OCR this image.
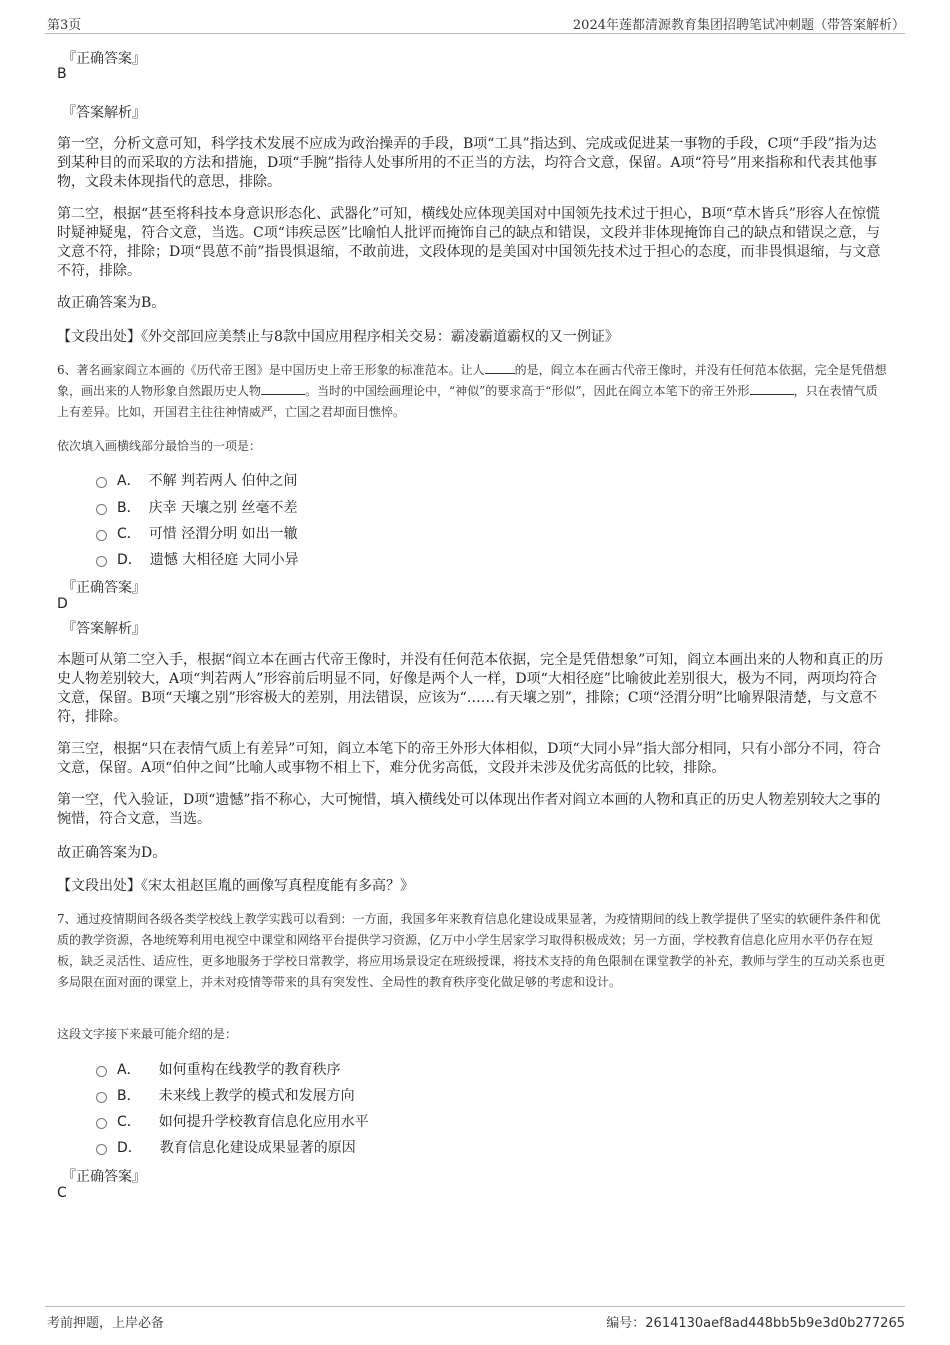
第3页	2024年莲都清源教育集团招聘笔试冲刺题（带答案解析）
『正确答案』
B
『答案解析』

第一空，分析文意可知，科学技术发展不应成为政治操弄的手段，B项“工具”指达到、完成或促进某一事物的手段，C项“手段”指为达到某种目的而采取的方法和措施，D项“手腕”指待人处事所用的不正当的方法，均符合文意，保留。A项“符号”用来指称和代表其他事物，文段未体现指代的意思，排除。

第二空，根据“甚至将科技本身意识形态化、武器化”可知，横线处应体现美国对中国领先技术过于担心，B项“草木皆兵”形容人在惊慌时疑神疑鬼，符合文意，当选。C项“讳疾忌医”比喻怕人批评而掩饰自己的缺点和错误，文段并非体现掩饰自己的缺点和错误之意，与文意不符，排除；D项“畏葸不前”指畏惧退缩，不敢前进，文段体现的是美国对中国领先技术过于担心的态度，而非畏惧退缩，与文意不符，排除。

故正确答案为B。

【文段出处】《外交部回应美禁止与8款中国应用程序相关交易：霸凌霸道霸权的又一例证》

6、著名画家阎立本画的《历代帝王图》是中国历史上帝王形象的标准范本。让人	的是，阎立本在画古代帝王像时，并没有任何范本依据，完全是凭借想象，画出来的人物形象自然跟历史人物	。当时的中国绘画理论中，“神似”的要求高于“形似”，因此在阎立本笔下的帝王外形	，只在表情气质上有差异。比如，开国君主往往神情威严，亡国之君却面目憔悴。

依次填入画横线部分最恰当的一项是：

A． 不解 判若两人 伯仲之间
B． 庆幸 天壤之别 丝毫不差
C． 可惜 泾渭分明 如出一辙
D． 遗憾 大相径庭 大同小异
『正确答案』
D
『答案解析』

本题可从第二空入手，根据“阎立本在画古代帝王像时，并没有任何范本依据，完全是凭借想象”可知，阎立本画出来的人物和真正的历史人物差别较大，A项“判若两人”形容前后明显不同，好像是两个人一样，D项“大相径庭”比喻彼此差别很大，极为不同，两项均符合文意，保留。B项“天壤之别”形容极大的差别，用法错误，应该为“……有天壤之别”，排除；C项“泾渭分明”比喻界限清楚，与文意不符，排除。

第三空，根据“只在表情气质上有差异”可知，阎立本笔下的帝王外形大体相似，D项“大同小异”指大部分相同，只有小部分不同，符合文意，保留。A项“伯仲之间”比喻人或事物不相上下，难分优劣高低，文段并未涉及优劣高低的比较，排除。

第一空，代入验证，D项“遗憾”指不称心，大可惋惜，填入横线处可以体现出作者对阎立本画的人物和真正的历史人物差别较大之事的惋惜，符合文意，当选。

故正确答案为D。

【文段出处】《宋太祖赵匡胤的画像写真程度能有多高？》

7、通过疫情期间各级各类学校线上教学实践可以看到：一方面，我国多年来教育信息化建设成果显著，为疫情期间的线上教学提供了坚实的软硬件条件和优质的教学资源，各地统筹利用电视空中课堂和网络平台提供学习资源，亿万中小学生居家学习取得积极成效；另一方面，学校教育信息化应用水平仍存在短板，缺乏灵活性、适应性，更多地服务于学校日常教学，将应用场景设定在班级授课，将技术支持的角色限制在课堂教学的补充，教师与学生的互动关系也更多局限在面对面的课堂上，并未对疫情等带来的具有突发性、全局性的教育秩序变化做足够的考虑和设计。

这段文字接下来最可能介绍的是：

A． 如何重构在线教学的教育秩序
B． 未来线上教学的模式和发展方向
C． 如何提升学校教育信息化应用水平
D． 教育信息化建设成果显著的原因
『正确答案』
C
考前押题，上岸必备	编号：2614130aef8ad448bb5b9e3d0b277265
